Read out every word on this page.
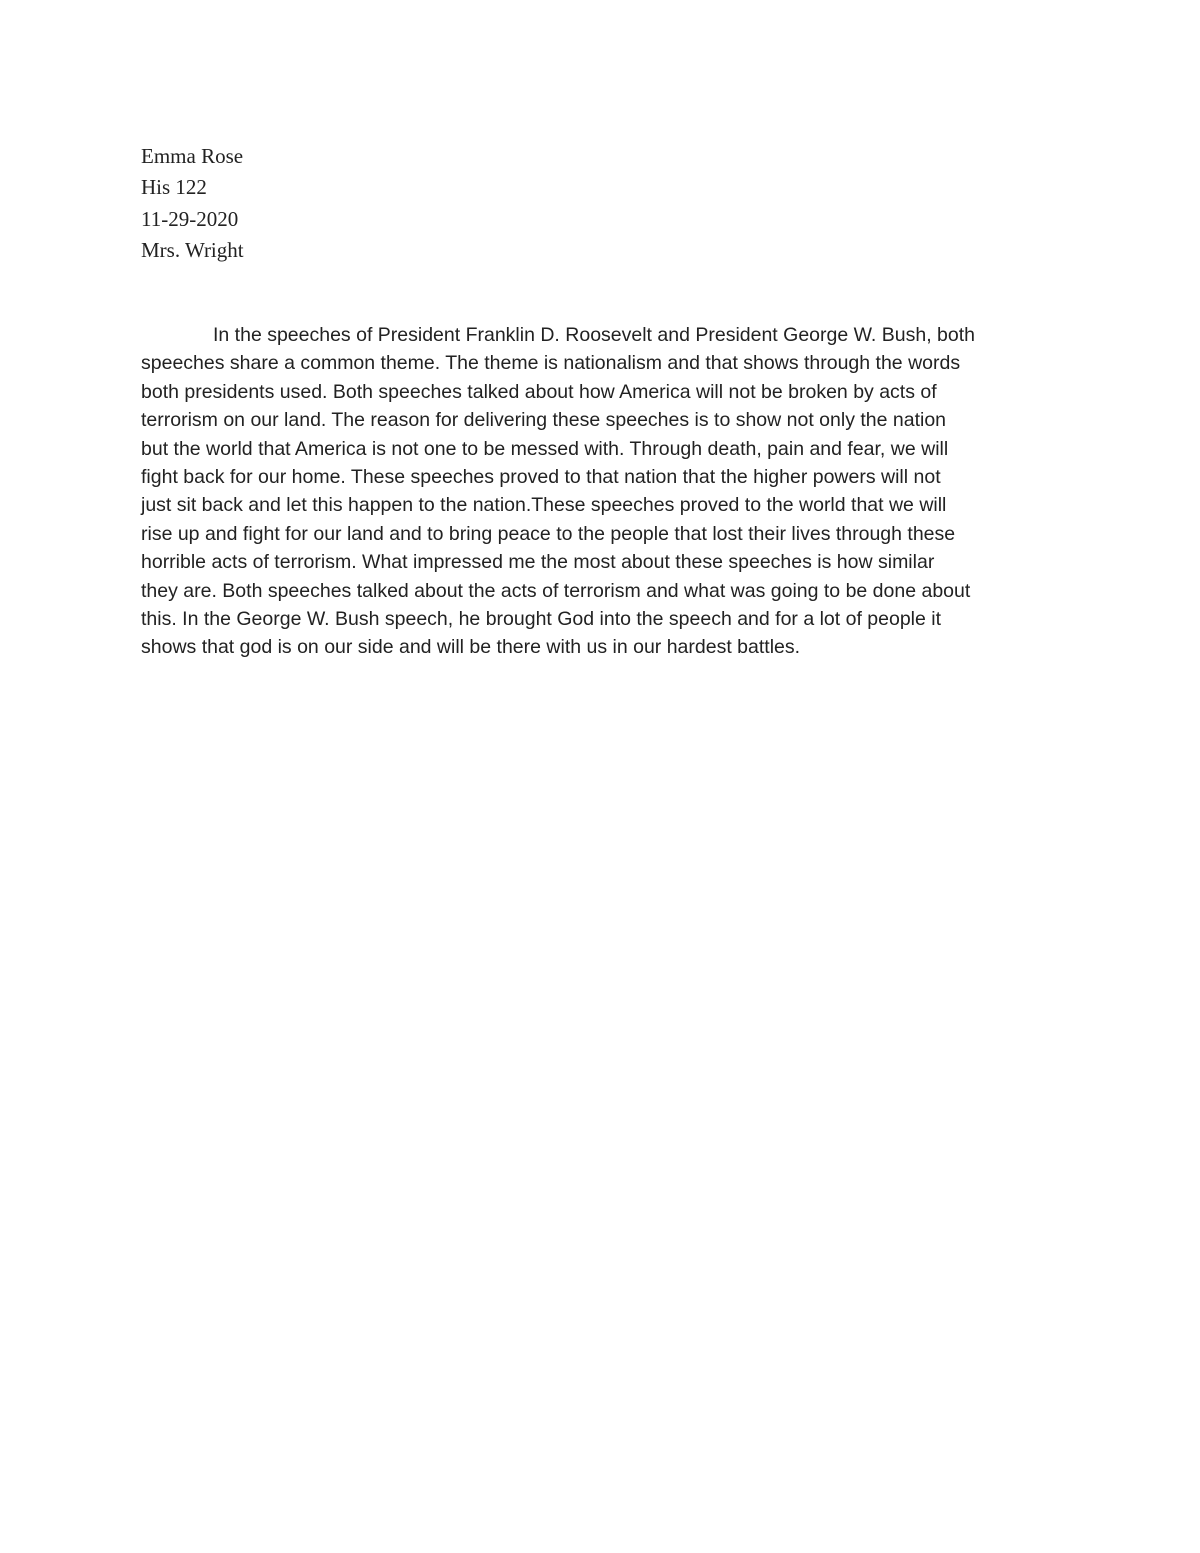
Emma Rose
His 122
11-29-2020
Mrs. Wright
In the speeches of President Franklin D. Roosevelt and President George W. Bush, both
speeches share a common theme. The theme is nationalism and that shows through the words
both presidents used. Both speeches talked about how America will not be broken by acts of
terrorism on our land. The reason for delivering these speeches is to show not only the nation
but the world that America is not one to be messed with. Through death, pain and fear, we will
fight back for our home. These speeches proved to that nation that the higher powers will not
just sit back and let this happen to the nation.These speeches proved to the world that we will
rise up and fight for our land and to bring peace to the people that lost their lives through these
horrible acts of terrorism. What impressed me the most about these speeches is how similar
they are. Both speeches talked about the acts of terrorism and what was going to be done about
this. In the George W. Bush speech, he brought God into the speech and for a lot of people it
shows that god is on our side and will be there with us in our hardest battles.
